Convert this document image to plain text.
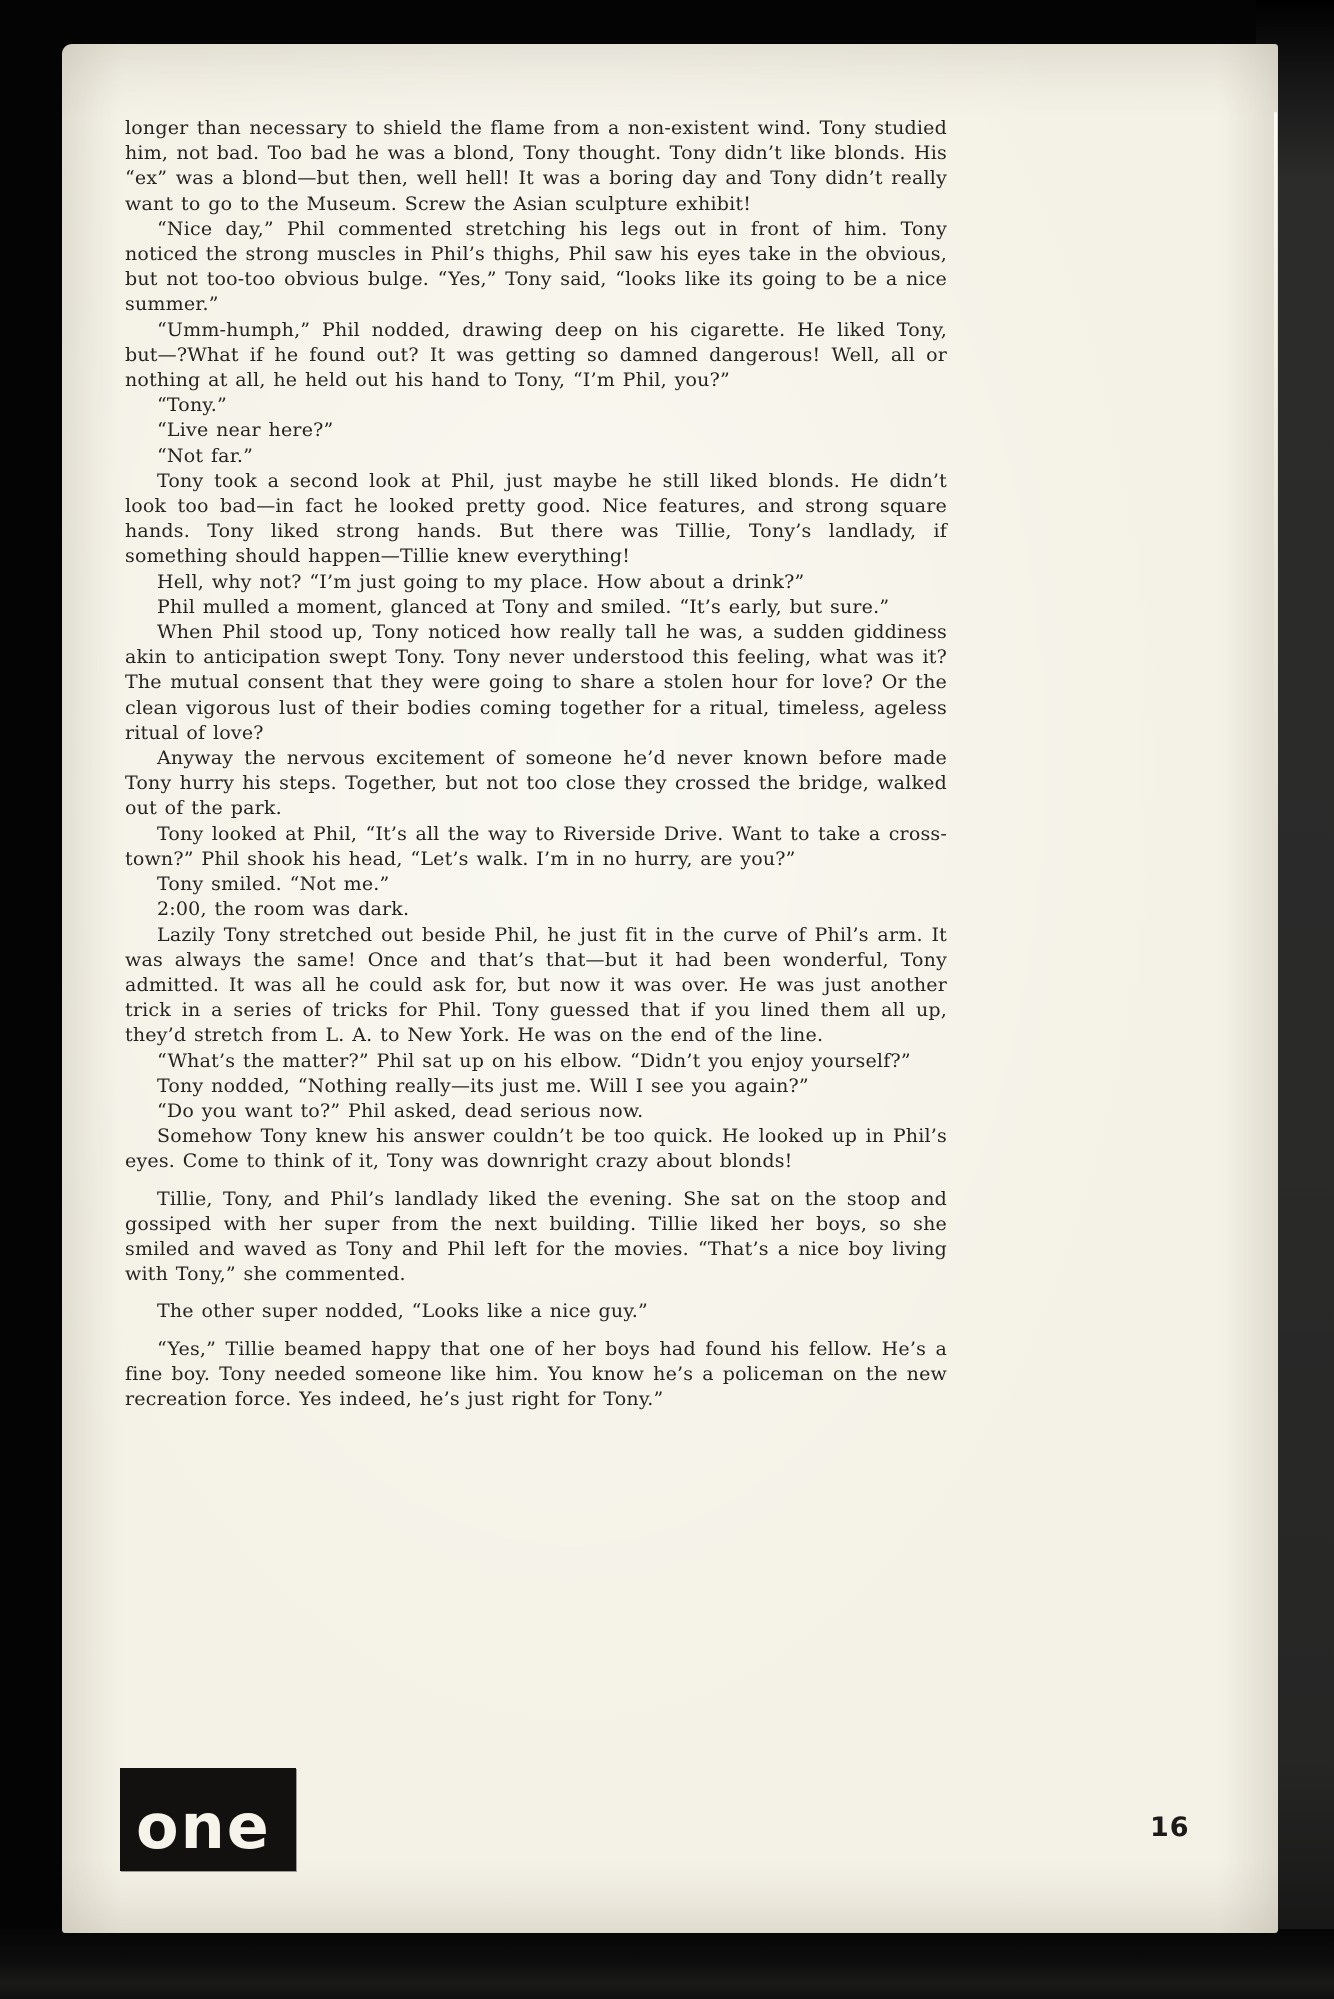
longer than necessary to shield the flame from a non-existent wind. Tony studied him, not bad. Too bad he was a blond, Tony thought. Tony didn’t like blonds. His “ex” was a blond—but then, well hell! It was a boring day and Tony didn’t really want to go to the Museum. Screw the Asian sculpture exhibit!

“Nice day,” Phil commented stretching his legs out in front of him. Tony noticed the strong muscles in Phil’s thighs, Phil saw his eyes take in the obvious, but not too-too obvious bulge. “Yes,” Tony said, “looks like its going to be a nice summer.”

“Umm-humph,” Phil nodded, drawing deep on his cigarette. He liked Tony, but—?What if he found out? It was getting so damned dangerous! Well, all or nothing at all, he held out his hand to Tony, “I’m Phil, you?”

“Tony.”

“Live near here?”

“Not far.”

Tony took a second look at Phil, just maybe he still liked blonds. He didn’t look too bad—in fact he looked pretty good. Nice features, and strong square hands. Tony liked strong hands. But there was Tillie, Tony’s landlady, if something should happen—Tillie knew everything!

Hell, why not? “I’m just going to my place. How about a drink?”

Phil mulled a moment, glanced at Tony and smiled. “It’s early, but sure.”

When Phil stood up, Tony noticed how really tall he was, a sudden giddiness akin to anticipation swept Tony. Tony never understood this feeling, what was it? The mutual consent that they were going to share a stolen hour for love? Or the clean vigorous lust of their bodies coming together for a ritual, timeless, ageless ritual of love?

Anyway the nervous excitement of someone he’d never known before made Tony hurry his steps. Together, but not too close they crossed the bridge, walked out of the park.

Tony looked at Phil, “It’s all the way to Riverside Drive. Want to take a cross-town?” Phil shook his head, “Let’s walk. I’m in no hurry, are you?”

Tony smiled. “Not me.”

2:00, the room was dark.

Lazily Tony stretched out beside Phil, he just fit in the curve of Phil’s arm. It was always the same! Once and that’s that—but it had been wonderful, Tony admitted. It was all he could ask for, but now it was over. He was just another trick in a series of tricks for Phil. Tony guessed that if you lined them all up, they’d stretch from L. A. to New York. He was on the end of the line.

“What’s the matter?” Phil sat up on his elbow. “Didn’t you enjoy yourself?”

Tony nodded, “Nothing really—its just me. Will I see you again?”

“Do you want to?” Phil asked, dead serious now.

Somehow Tony knew his answer couldn’t be too quick. He looked up in Phil’s eyes. Come to think of it, Tony was downright crazy about blonds!

Tillie, Tony, and Phil’s landlady liked the evening. She sat on the stoop and gossiped with her super from the next building. Tillie liked her boys, so she smiled and waved as Tony and Phil left for the movies. “That’s a nice boy living with Tony,” she commented.

The other super nodded, “Looks like a nice guy.”

“Yes,” Tillie beamed happy that one of her boys had found his fellow. He’s a fine boy. Tony needed someone like him. You know he’s a policeman on the new recreation force. Yes indeed, he’s just right for Tony.”

one	16
